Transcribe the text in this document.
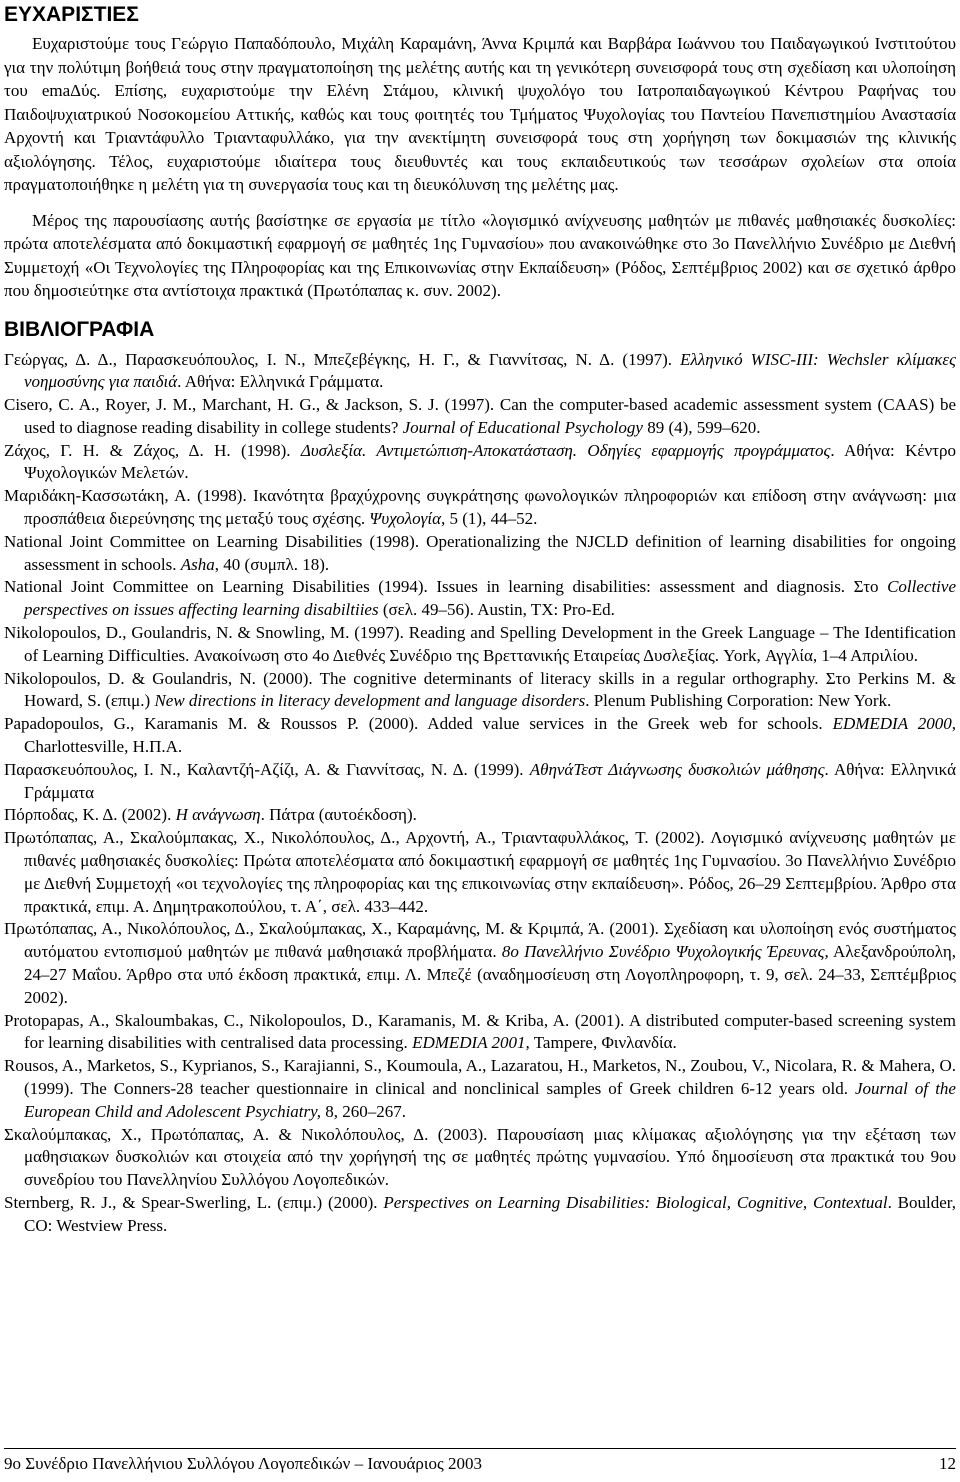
ΕΥΧΑΡΙΣΤΙΕΣ

Ευχαριστούμε τους Γεώργιο Παπαδόπουλο, Μιχάλη Καραμάνη, Άννα Κριμπά και Βαρβάρα Ιωάννου του Παιδαγωγικού Ινστιτούτου για την πολύτιμη βοήθειά τους στην πραγματοποίηση της μελέτης αυτής και τη γενικότερη συνεισφορά τους στη σχεδίαση και υλοποίηση του emaΔύς. Επίσης, ευχαριστούμε την Ελένη Στάμου, κλινική ψυχολόγο του Ιατροπαιδαγωγικού Κέντρου Ραφήνας του Παιδοψυχιατρικού Νοσοκομείου Αττικής, καθώς και τους φοιτητές του Τμήματος Ψυχολογίας του Παντείου Πανεπιστημίου Αναστασία Αρχοντή και Τριαντάφυλλο Τριανταφυλλάκο, για την ανεκτίμητη συνεισφορά τους στη χορήγηση των δοκιμασιών της κλινικής αξιολόγησης. Τέλος, ευχαριστούμε ιδιαίτερα τους διευθυντές και τους εκπαιδευτικούς των τεσσάρων σχολείων στα οποία πραγματοποιήθηκε η μελέτη για τη συνεργασία τους και τη διευκόλυνση της μελέτης μας.

Μέρος της παρουσίασης αυτής βασίστηκε σε εργασία με τίτλο «λογισμικό ανίχνευσης μαθητών με πιθανές μαθησιακές δυσκολίες: πρώτα αποτελέσματα από δοκιμαστική εφαρμογή σε μαθητές 1ης Γυμνασίου» που ανακοινώθηκε στο 3ο Πανελλήνιο Συνέδριο με Διεθνή Συμμετοχή «Οι Τεχνολογίες της Πληροφορίας και της Επικοινωνίας στην Εκπαίδευση» (Ρόδος, Σεπτέμβριος 2002) και σε σχετικό άρθρο που δημοσιεύτηκε στα αντίστοιχα πρακτικά (Πρωτόπαπας κ. συν. 2002).

ΒΙΒΛΙΟΓΡΑΦΙΑ
Γεώργας, Δ. Δ., Παρασκευόπουλος, Ι. Ν., Μπεζεβέγκης, Η. Γ., & Γιαννίτσας, Ν. Δ. (1997). Ελληνικό WISC-III: Wechsler κλίμακες νοημοσύνης για παιδιά. Αθήνα: Ελληνικά Γράμματα.
Cisero, C. A., Royer, J. M., Marchant, H. G., & Jackson, S. J. (1997). Can the computer-based academic assessment system (CAAS) be used to diagnose reading disability in college students? Journal of Educational Psychology 89 (4), 599–620.
Ζάχος, Γ. Η. & Ζάχος, Δ. Η. (1998). Δυσλεξία. Αντιμετώπιση-Αποκατάσταση. Οδηγίες εφαρμογής προγράμματος. Αθήνα: Κέντρο Ψυχολογικών Μελετών.
Μαριδάκη-Κασσωτάκη, Α. (1998). Ικανότητα βραχύχρονης συγκράτησης φωνολογικών πληροφοριών και επίδοση στην ανάγνωση: μια προσπάθεια διερεύνησης της μεταξύ τους σχέσης. Ψυχολογία, 5 (1), 44–52.
National Joint Committee on Learning Disabilities (1998). Operationalizing the NJCLD definition of learning disabilities for ongoing assessment in schools. Asha, 40 (συμπλ. 18).
National Joint Committee on Learning Disabilities (1994). Issues in learning disabilities: assessment and diagnosis. Στο Collective perspectives on issues affecting learning disabiltiies (σελ. 49–56). Austin, TX: Pro-Ed.
Nikolopoulos, D., Goulandris, N. & Snowling, M. (1997). Reading and Spelling Development in the Greek Language – The Identification of Learning Difficulties. Ανακοίνωση στο 4ο Διεθνές Συνέδριο της Βρεττανικής Εταιρείας Δυσλεξίας. York, Αγγλία, 1–4 Απριλίου.
Nikolopoulos, D. & Goulandris, N. (2000). The cognitive determinants of literacy skills in a regular orthography. Στο Perkins M. & Howard, S. (επιμ.) New directions in literacy development and language disorders. Plenum Publishing Corporation: New York.
Papadopoulos, G., Karamanis M. & Roussos P. (2000). Added value services in the Greek web for schools. EDMEDIA 2000, Charlottesville, Η.Π.Α.
Παρασκευόπουλος, Ι. Ν., Καλαντζή-Αζίζι, Α. & Γιαννίτσας, Ν. Δ. (1999). ΑθηνάΤεστ Διάγνωσης δυσκολιών μάθησης. Αθήνα: Ελληνικά Γράμματα
Πόρποδας, Κ. Δ. (2002). Η ανάγνωση. Πάτρα (αυτοέκδοση).
Πρωτόπαπας, Α., Σκαλούμπακας, Χ., Νικολόπουλος, Δ., Αρχοντή, Α., Τριανταφυλλάκος, Τ. (2002). Λογισμικό ανίχνευσης μαθητών με πιθανές μαθησιακές δυσκολίες: Πρώτα αποτελέσματα από δοκιμαστική εφαρμογή σε μαθητές 1ης Γυμνασίου. 3ο Πανελλήνιο Συνέδριο με Διεθνή Συμμετοχή «οι τεχνολογίες της πληροφορίας και της επικοινωνίας στην εκπαίδευση». Ρόδος, 26–29 Σεπτεμβρίου. Άρθρο στα πρακτικά, επιμ. Α. Δημητρακοπούλου, τ. Α΄, σελ. 433–442.
Πρωτόπαπας, Α., Νικολόπουλος, Δ., Σκαλούμπακας, Χ., Καραμάνης, Μ. & Κριμπά, Ά. (2001). Σχεδίαση και υλοποίηση ενός συστήματος αυτόματου εντοπισμού μαθητών με πιθανά μαθησιακά προβλήματα. 8ο Πανελλήνιο Συνέδριο Ψυχολογικής Έρευνας, Αλεξανδρούπολη, 24–27 Μαΐου. Άρθρο στα υπό έκδοση πρακτικά, επιμ. Λ. Μπεζέ (αναδημοσίευση στη Λογοπληροφορη, τ. 9, σελ. 24–33, Σεπτέμβριος 2002).
Protopapas, A., Skaloumbakas, C., Nikolopoulos, D., Karamanis, M. & Kriba, A. (2001). A distributed computer-based screening system for learning disabilities with centralised data processing. EDMEDIA 2001, Tampere, Φινλανδία.
Rousos, A., Marketos, S., Kyprianos, S., Karajianni, S., Koumoula, A., Lazaratou, H., Marketos, N., Zoubou, V., Nicolara, R. & Mahera, O. (1999). The Conners-28 teacher questionnaire in clinical and nonclinical samples of Greek children 6-12 years old. Journal of the European Child and Adolescent Psychiatry, 8, 260–267.
Σκαλούμπακας, Χ., Πρωτόπαπας, Α. & Νικολόπουλος, Δ. (2003). Παρουσίαση μιας κλίμακας αξιολόγησης για την εξέταση των μαθησιακων δυσκολιών και στοιχεία από την χορήγησή της σε μαθητές πρώτης γυμνασίου. Υπό δημοσίευση στα πρακτικά του 9ου συνεδρίου του Πανελληνίου Συλλόγου Λογοπεδικών.
Sternberg, R. J., & Spear-Swerling, L. (επιμ.) (2000). Perspectives on Learning Disabilities: Biological, Cognitive, Contextual. Boulder, CO: Westview Press.
9ο Συνέδριο Πανελλήνιου Συλλόγου Λογοπεδικών – Ιανουάριος 2003	12
